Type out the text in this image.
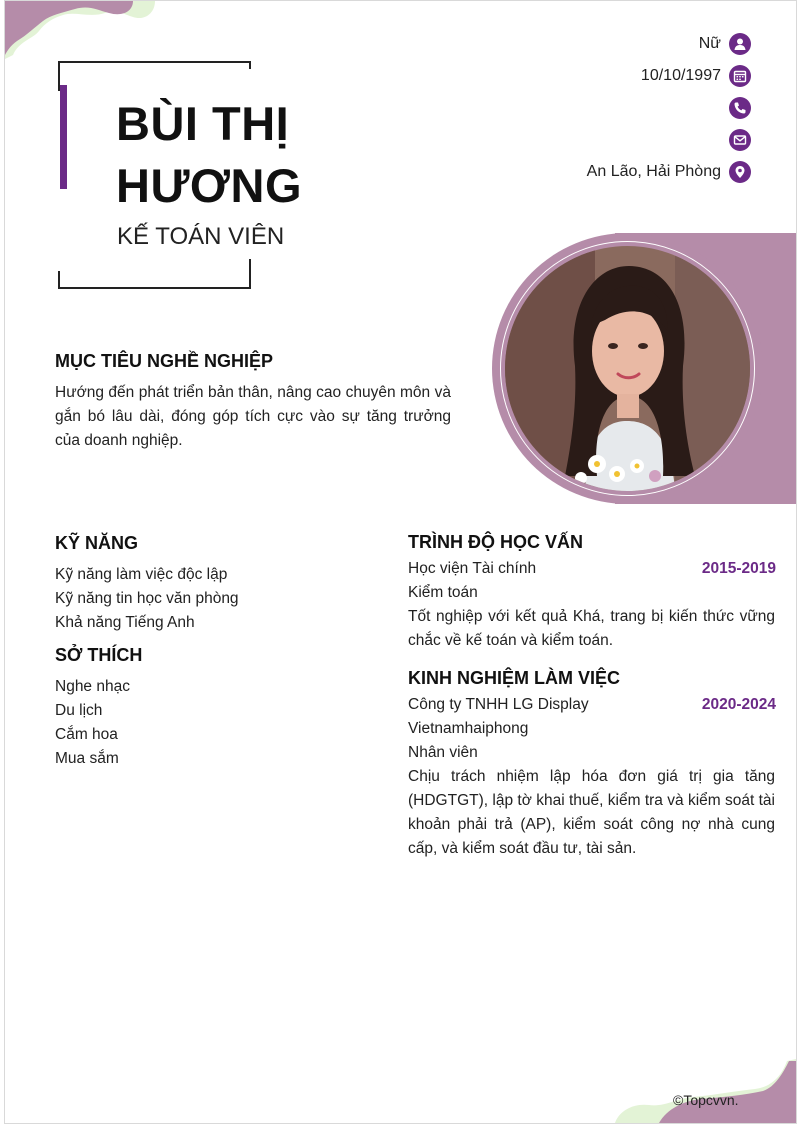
BÙI THỊ
HƯƠNG
KẾ TOÁN VIÊN
Nữ
10/10/1997
An Lão, Hải Phòng
MỤC TIÊU NGHỀ NGHIỆP
Hướng đến phát triển bản thân, nâng cao chuyên môn và gắn bó lâu dài, đóng góp tích cực vào sự tăng trưởng của doanh nghiệp.
KỸ NĂNG
Kỹ năng làm việc độc lập
Kỹ năng tin học văn phòng
Khả năng Tiếng Anh
SỞ THÍCH
Nghe nhạc
Du lịch
Cắm hoa
Mua sắm
TRÌNH ĐỘ HỌC VẤN
Học viện Tài chính	2015-2019
Kiểm toán
Tốt nghiệp với kết quả Khá, trang bị kiến thức vững chắc về kế toán và kiểm toán.
KINH NGHIỆM LÀM VIỆC
Công ty TNHH LG Display	2020-2024
Vietnamhaiphong
Nhân viên
Chịu trách nhiệm lập hóa đơn giá trị gia tăng (HDGTGT), lập tờ khai thuế, kiểm tra và kiểm soát tài khoản phải trả (AP), kiểm soát công nợ nhà cung cấp, và kiểm soát đầu tư, tài sản.
©Topcvvn.
